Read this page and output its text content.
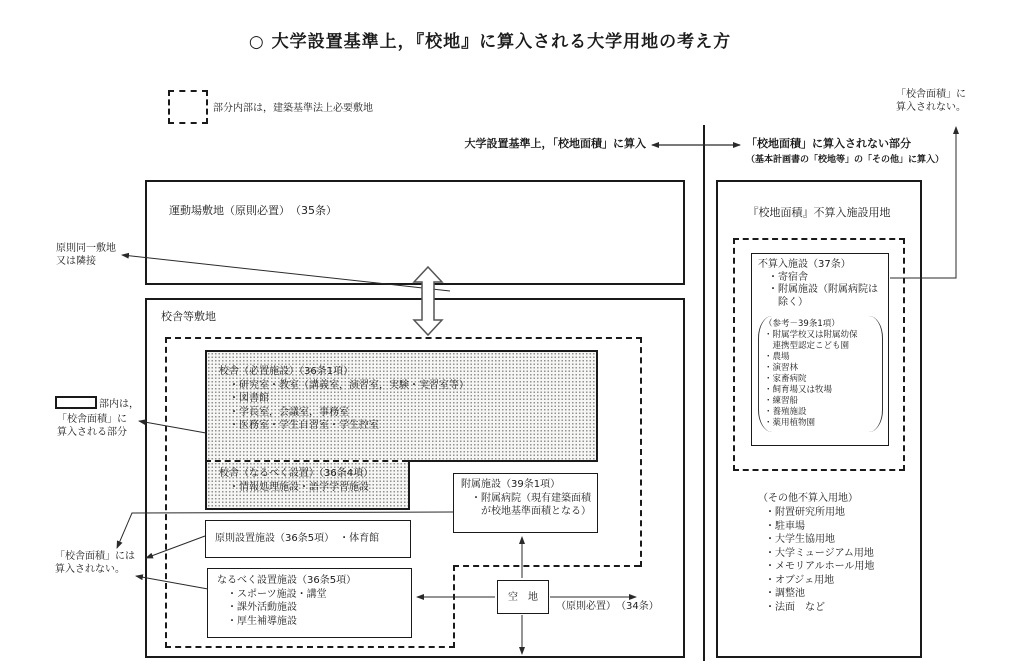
○ 大学設置基準上，『校地』に算入される大学用地の考え方
部分内部は，建築基準法上必要敷地
「校舎面積」に
算入されない。
大学設置基準上，「校地面積」に算入	「校地面積」に算入されない部分
（基本計画書の「校地等」の「その他」に算入）
運動場敷地（原則必置）　（35条）
原則同一敷地
又は隣接
校舎等敷地
校舎（必置施設）（36条1項）
　・研究室・教室（講義室，演習室，実験・実習室等）
　・図書館
　・学長室，会議室，事務室
　・医務室・学生自習室・学生控室
校舎（なるべく設置）（36条4項）
　・情報処理施設・語学学習施設	附属施設（39条1項）
　・附属病院（現有建築面積
　　が校地基準面積となる）
原則設置施設（36条5項）　・体育館
なるべく設置施設（36条5項）
　・スポーツ施設・講堂
　・課外活動施設
　・厚生補導施設
空　地
（原則必置）　（34条）
部内は，
「校舎面積」に
算入される部分
「校舎面積」には
算入されない。
『校地面積』不算入施設用地
不算入施設（37条）
　・寄宿舎
　・附属施設（附属病院は
　　除く）
（参考－39条1項）
・附属学校又は附属幼保
　連携型認定こども園
・農場
・演習林
・家畜病院
・飼育場又は牧場
・練習船
・養殖施設
・薬用植物園
（その他不算入用地）
・附置研究所用地
・駐車場
・大学生協用地
・大学ミュージアム用地
・メモリアルホール用地
・オブジェ用地
・調整池
・法面　など
